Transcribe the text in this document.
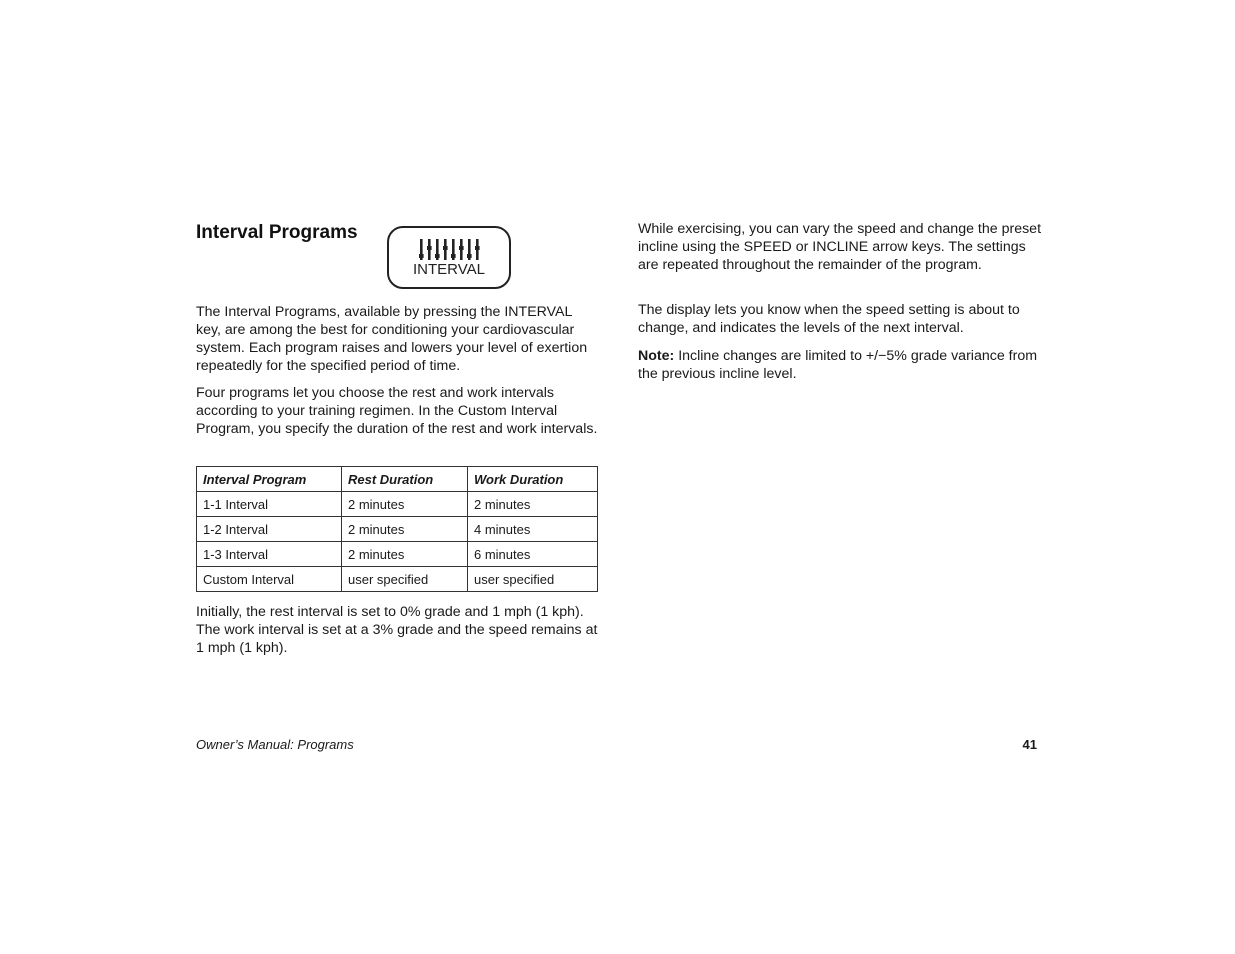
Interval Programs
INTERVAL

The Interval Programs, available by pressing the INTERVAL key, are among the best for conditioning your cardiovascular system. Each program raises and lowers your level of exertion repeatedly for the specified period of time.

Four programs let you choose the rest and work intervals according to your training regimen. In the Custom Interval Program, you specify the duration of the rest and work intervals.

Interval Program	Rest Duration	Work Duration
1-1 Interval	2 minutes	2 minutes
1-2 Interval	2 minutes	4 minutes
1-3 Interval	2 minutes	6 minutes
Custom Interval	user specified	user specified

Initially, the rest interval is set to 0% grade and 1 mph (1 kph). The work interval is set at a 3% grade and the speed remains at 1 mph (1 kph).

While exercising, you can vary the speed and change the preset incline using the SPEED or INCLINE arrow keys. The settings are repeated throughout the remainder of the program.

The display lets you know when the speed setting is about to change, and indicates the levels of the next interval.

Note: Incline changes are limited to +/−5% grade variance from the previous incline level.

Owner’s Manual: Programs	41
